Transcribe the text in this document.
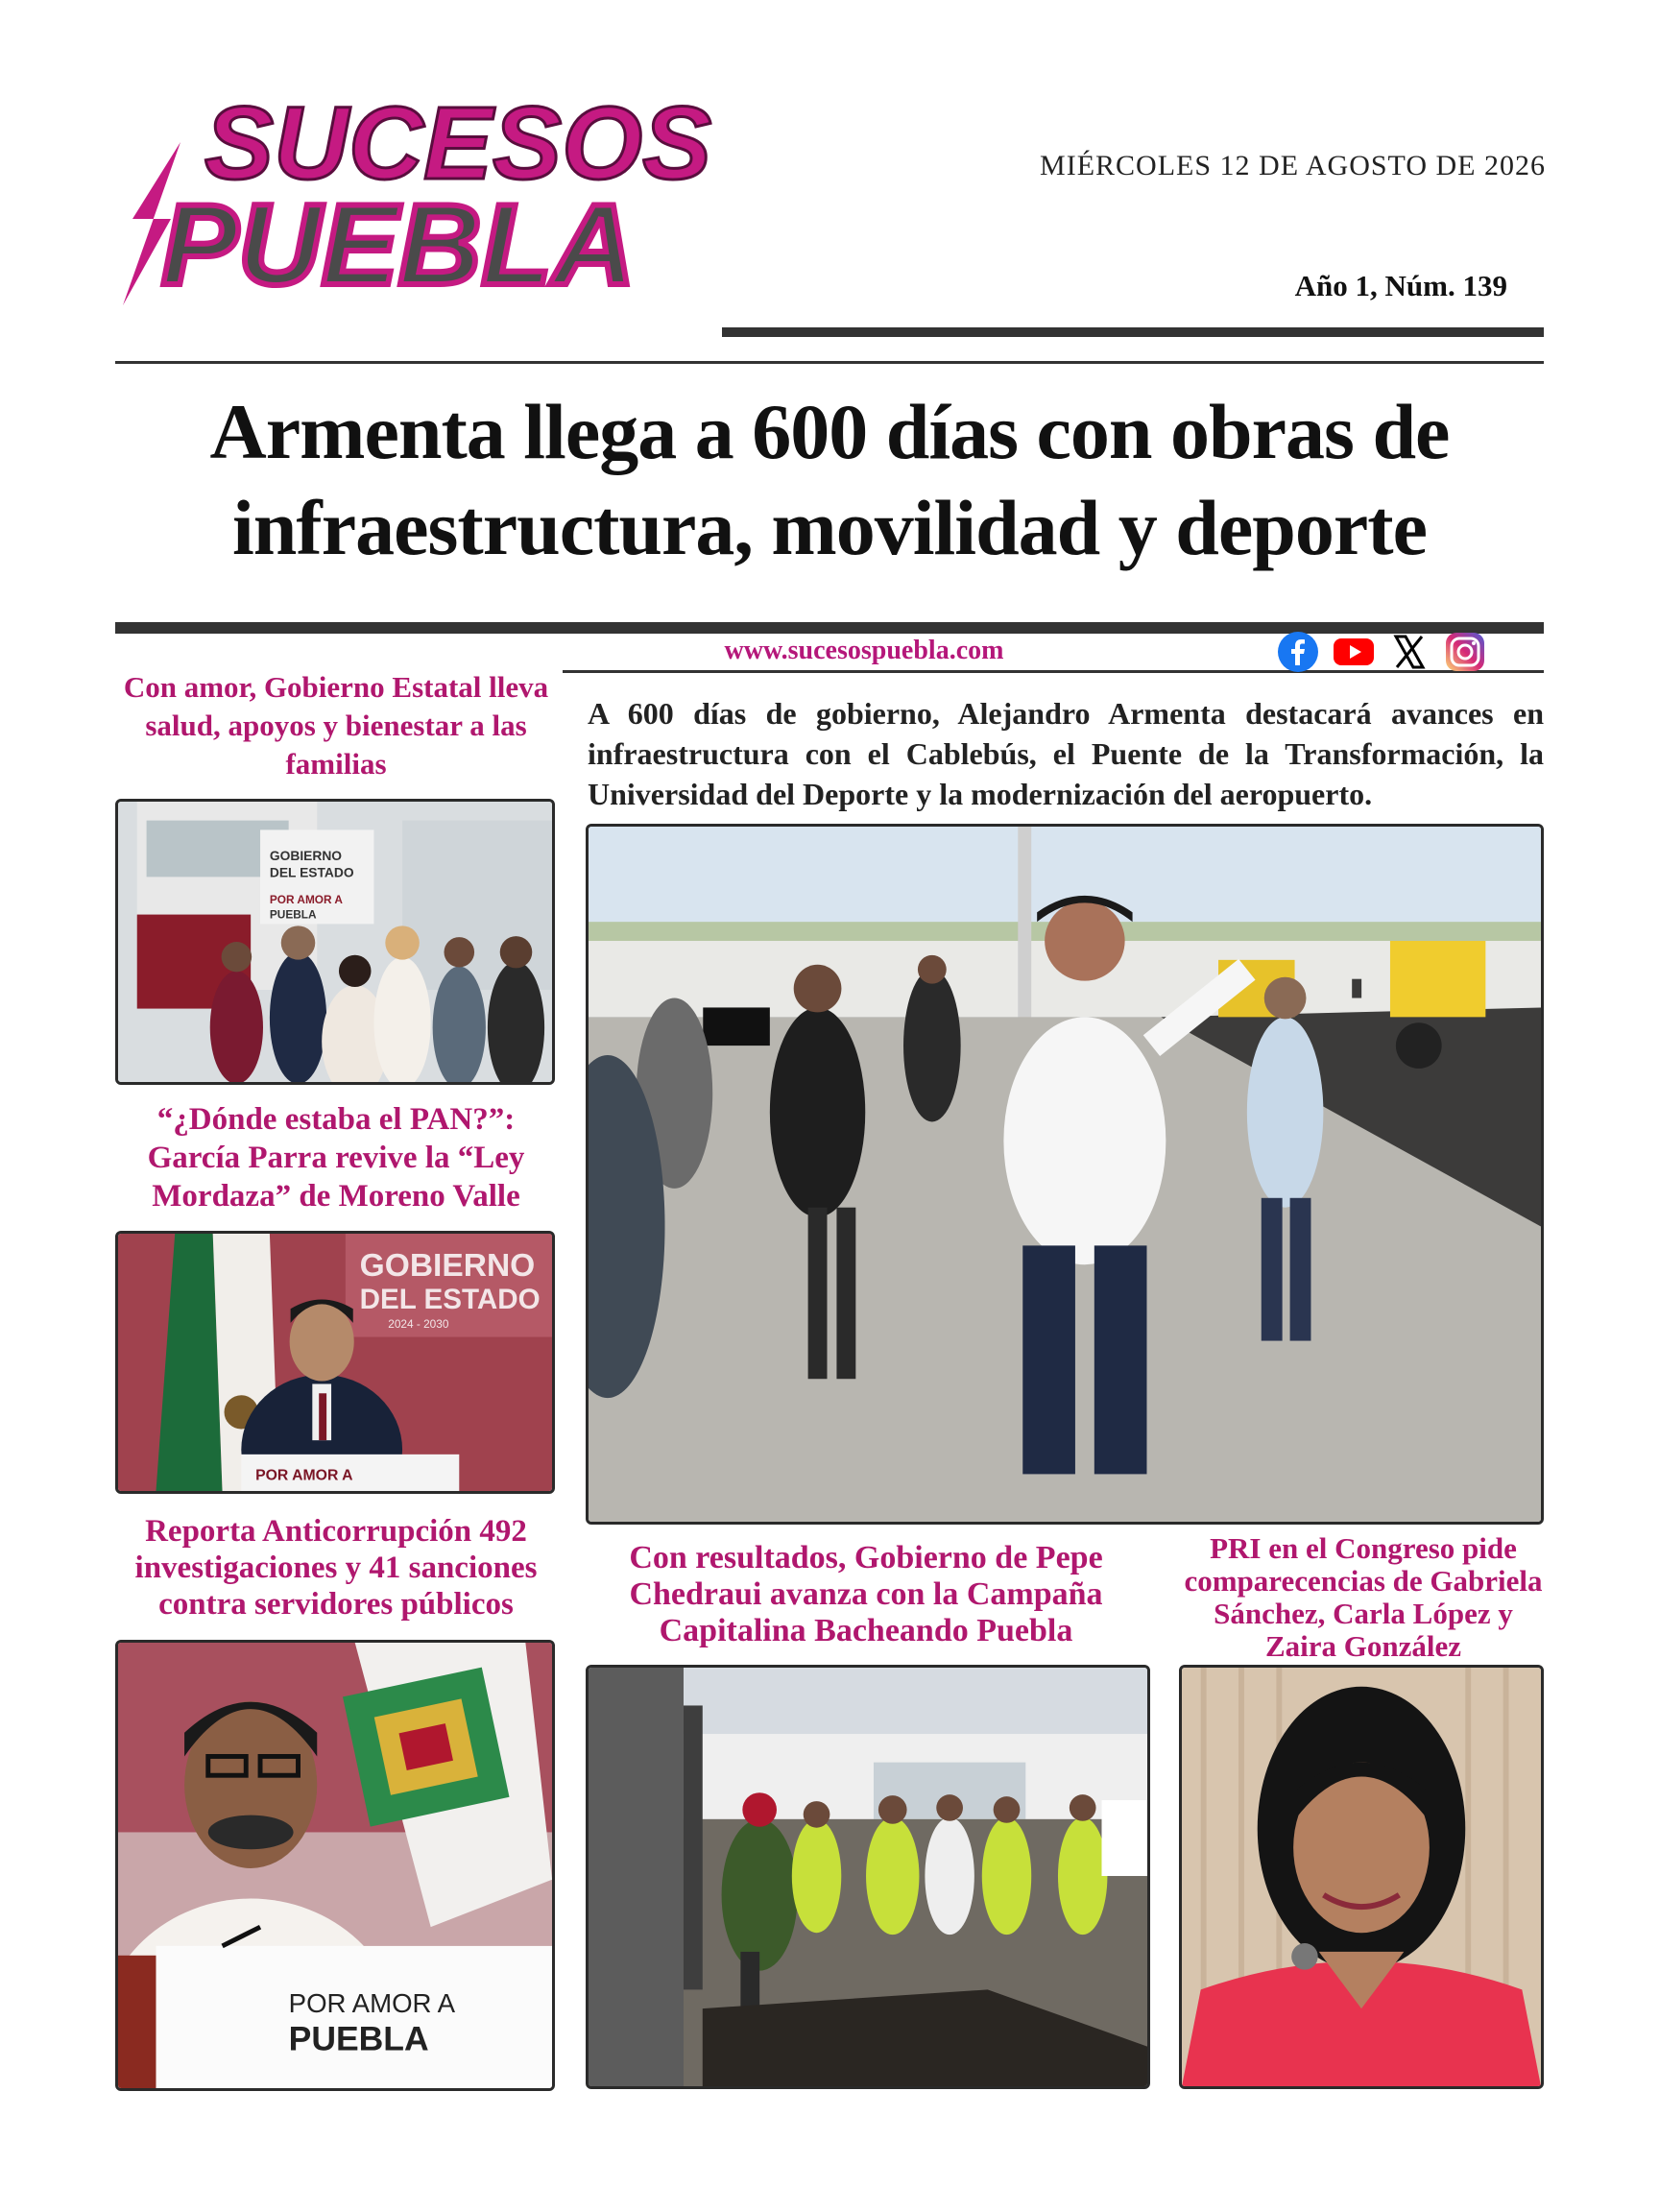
SUCESOS
PUEBLA
MIÉRCOLES 12 DE AGOSTO DE 2026
Año 1, Núm. 139
Armenta llega a 600 días con obras de infraestructura, movilidad y deporte
www.sucesospuebla.com
Con amor, Gobierno Estatal lleva salud, apoyos y bienestar a las familias
GOBIERNO
DEL ESTADO
POR AMOR A
PUEBLA
“¿Dónde estaba el PAN?”: García Parra revive la “Ley Mordaza” de Moreno Valle
GOBIERNO
DEL ESTADO
2024 - 2030
POR AMOR A
Reporta Anticorrupción 492 investigaciones y 41 sanciones contra servidores públicos
POR AMOR A
PUEBLA
A 600 días de gobierno, Alejandro Armenta destacará avances en infraestructura con el Cablebús, el Puente de la Transformación, la Universidad del Deporte y la modernización del aeropuerto.
Con resultados, Gobierno de Pepe Chedraui avanza con la Campaña Capitalina Bacheando Puebla
PRI en el Congreso pide comparecencias de Gabriela Sánchez, Carla López y Zaira González
